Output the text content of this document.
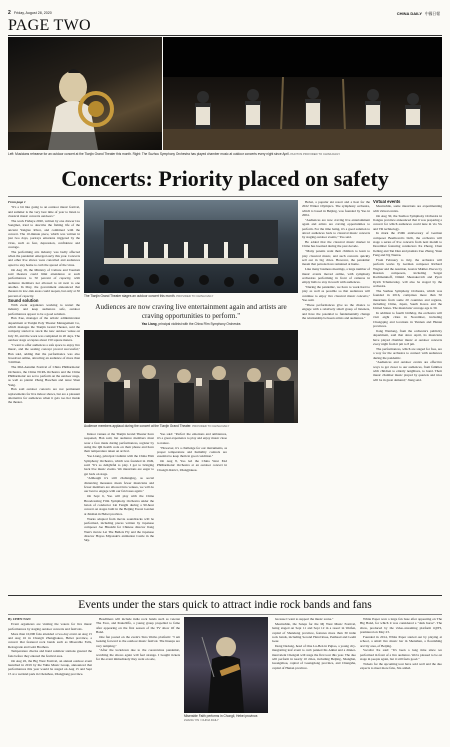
2 Friday, August 28, 2020	CHINA DAILY 中國日報
PAGE TWO
Left: Musicians rehearse for an outdoor concert at the Tianjin Grand Theater this month. Right: The Suzhou Symphony Orchestra has played chamber music at outdoor concerts every night since April. PHOTOS PROVIDED TO CHINA DAILY
Concerts: Priority placed on safety
From page 1

"It's a bit like going to an outdoor music festival, and summer is the very best time of year to listen to classical music concerts outdoors."

The work Fisheye 2020, written by one drawer Liu Songmei, tried to describe the fishing life of the ancient Yangtze River, and combined with the concert. The 10-minute piece, which was written in just two days, portrays emotions triggered by the virus, such as fear, depression, confidence and courage.

The performing arts industry was badly affected when the pandemic emerged early this year. Concerts and other live shows were cancelled and audiences opted to stay home to curb the spread of the virus.

On Aug 18, the Ministry of Culture and Tourism said theaters could limit attendance at such performances to 50 percent of capacity, with audience members not allowed to sit next to one another. In May, the government announced that theaters in low-risk areas could reopen, but only at 30 percent of capacity.

Sound solution

With event organizers working to restart the industry and keep audiences safe, outdoor performances appear to be a good solution.

Han Xue, manager of the artistic administration department at Tianjin Poly Theater Management Co, which manages the Tianjin Grand Theater, said the company started to stock the new outdoor venue on July 30, and the work was completed in 20 days. The outdoor stage occupies about 150 square meters.

"I want to offer audiences a safe space to enjoy live music, and the seating concept proved successful," Han said, adding that the performance was also broadcast online, attracting an audience of more than 3 million.

The Mid-Autumn Festival of China Philharmonic Orchestra, the China NCPA Orchestra and the China Philharmonic are set to perform on the outdoor stage, as well as pianist Zhang Haochen and tenor Shen Yang.

Han said outdoor concerts are not permanent replacements for live indoor shows, but are a pleasant alternative for audiences when it gets too hot inside the theater.

The Tianjin Grand Theater stages an outdoor concert this month. PROVIDED TO CHINA DAILY
Audiences are now craving live entertainment again and artists are craving opportunities to perform."
Yao Liang, principal violinist with the China Film Symphony Orchestra
Audience members applaud during the concert at the Tianjin Grand Theater. PROVIDED TO CHINA DAILY

Indoor venues at the Tianjin Grand Theater have reopened, Han said, but audience members must wear a face mask during performances, register by using the QR health code on their phone and have their temperature taken on arrival.

Yao Liang, principal violinist with the China Film Symphony Orchestra, which was founded in 1949, said: "It's so delightful to play. I got to bringing back live music events. We musicians are eager to get back on stage.

"Although it's still challenging, as social distancing measures mean fewer musicians and fewer members are allowed into venues, we will do our best to engage with our fan bases again."

On Sept 6, Yao will play with the China Broadcasting Film Symphony Orchestra under the baton of conductor Lin Fenghi during a 90-hour concert on stages built in the Beijing Forest Garden at Jinshan in Hebei province.

Works adapted from movie soundtracks will be performed, including pieces written by Japanese composer Joe Hisaishi for Chinese director Jiang Wen's movie Let The Bullets Fly and the Japanese director Hayao Miyazaki's animation Castle in the Sky.

Yao said: "Perfect the emotions and ambiences, it's a great experience to play and enjoy music close to nature.

"However, it's a challenge for our instruments, as proper temperature and humidity controls are essential to keep them in good condition."

On Aug 8, Yao led the China West End Philharmonic Orchestra at an outdoor concert in Chongli district, Zhangjiakou.

Hebei, a popular ski resort and a host for the 2022 Winter Olympics. The symphony orchestra, which is based in Beijing, was founded by Yao in 2004.

"Audiences are now craving live entertainment again and artists are craving opportunities to perform. For the time being, it's a good solution to attract audiences back to classical music concerts by staging outdoor events," Yao said.

He added that the classical music market in China has boomed during the past decade.

"Many parents want their children to learn to play classical music, and such concerts quickly sell out in big cities. However, the pandemic meant that patrons have remained at home.

Like many business meetings, a large number of music events moved online, with symphony orchestras performing in front of cameras in empty halls to stay in touch with audiences.

"During the pandemic, we have to work hard to play as well as possible so that audiences will continue to enjoy live classical music concerts," Yao said.

"These performances give us the chance to engage with a relatively small group of listeners, and have the potential to fundamentally change the relationship between artists and audiences."

Virtual events

Meanwhile, some musicians are experimenting with virtual events.

On Aug 30, the Suzhou Symphony Orchestra in Jiangsu province announced that it was preparing a concert for which audiences could tune in via 5G and VR technology.

In mark the 250th anniversary of German composer Beethoven's birth, the orchestra will stage a series of live concerts from next month to December featuring conductors Xu Zhong, Chen Jiebing and Tan Dun and pianists Zuo Zhang, Yuan Fang and Ng Tianxu.

From February to July, the orchestra will perform works by German composer Richard Wagner and the Austrian, Gustav Mahler. Pieces by Russian composers, including Sergei Rachmaninoff, Dmitri Shostakovich and Pyotr Ilyich Tchaikovsky, will also be staged by the orchestra.

The Suzhou Symphony Orchestra, which was founded in 2016, comprises more than 50 musicians from some 20 countries and regions, including China, Japan, South Korea and the United States. The musicians' average age is 30.

In addition to fourth birthday, the orchestra will visit eight cities in November, including Chongqing and locations in Yunnan and Hunan provinces.

Jiang Wenlong, from the orchestra's publicity department, said that since April, its musicians have played chamber music at outdoor concerts every night from 6 pm to 8 pm.

The performances, which are staged for free, are a way for the orchestra to connect with audiences during the pandemic.

"Audiences and outdoor events are effective ways to get closer to our audiences, from families with children to elderly neighbors, to bond. Their music chamber music played by quartets and trios will be in great demand," Jiang said.

Events under the stars quick to attract indie rock bands and fans
By CHEN NAN

Event organizers are visiting the waters for live music performances by staging outdoor concerts and festivals.

More than 10,000 fans attended a two-day event on Aug 15 and Aug 16 in Chongli Zhangjiakou, Hebei province, a concert that featured rock bands such as Miserable Falls, Retrograde and Gobi Brothers.

Temperature checks and hand sanitizer stations greeted the fans before they entered the festival area.

On Aug 26, the Big West Festival, an annual outdoor event launched in 2019 by the Yuhu Music Group, announced that performances this year would be staged on Aug 15 and Sept 15 at a wetland park in Chenzhou, Zhangjiang province.

Headliners will include indie rock bands such as veteran The Face, and Peakcliffe, a young group propelled to fame after appearing on the first season of the TV show Of the Band.

One fan posted on the event's Sina Weibo platform: "I am looking forward to the outdoor music festival. The lineups are very tempting."

"After the lockdown due to the coronavirus pandemic, watching the shows again will feel strange. I bought tickets for the event immediately they went on sale,

Miserable Faith performs in Chongli, Hebei province. ZHANG YIN / CHINA DAILY

because I want to support the music scene."

Meanwhile, the Sanqu for the Mj West Music Festival, being staged on Sept 11 and Sept 12 in a resort in Weifen, capital of Shandong province, features more than 30 indie rock bands, including Second Hand Rose, Penhead and Leehi Gear.

Dong Dadong, head of One Lu-Ben in Pujiao, a young city-integrating leaf event to curb panned his Anhui and a dinner-intervalent Chengali will stage the first tour this year. The duo will perform in nearly 10 cities, including Beijing, Shanghai, Guangzhou, capital of Guangdong province, and Changsha, capital of Hunan province.

White Paper won a large fan base after appearing on The Big Band, for which it was considered a "dark horse". The show, produced by the video-streaming platform iQIYI, premiered on May 23.

Founded in 2014, White Paper started out by playing at school, a small live music bar in Shenzhen, a flourishing art/city area, of Beijing.

Vocalist Xu said: "It's been a long time since we performed in front of a live audience. We're pleased to be on stage in people again, but it still feels good."

Tickets for the upcoming tour have sold well and the duo expects to meet more fans, Xia added.
